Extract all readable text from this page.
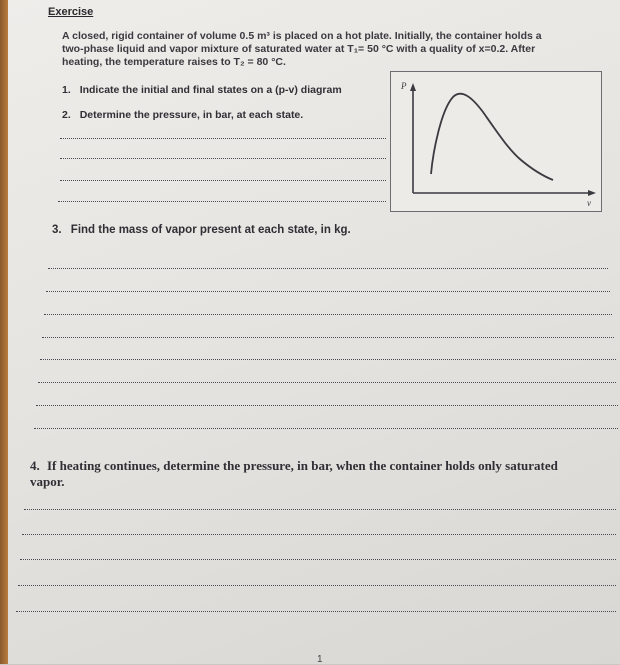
Exercise
A closed, rigid container of volume 0.5 m³ is placed on a hot plate. Initially, the container holds a
two-phase liquid and vapor mixture of saturated water at T₁= 50 °C with a quality of x=0.2. After
heating, the temperature raises to T₂ = 80 °C.
1. Indicate the initial and final states on a (p-v) diagram
2. Determine the pressure, in bar, at each state.
P
v
3. Find the mass of vapor present at each state, in kg.
4. If heating continues, determine the pressure, in bar, when the container holds only saturated vapor.
1
